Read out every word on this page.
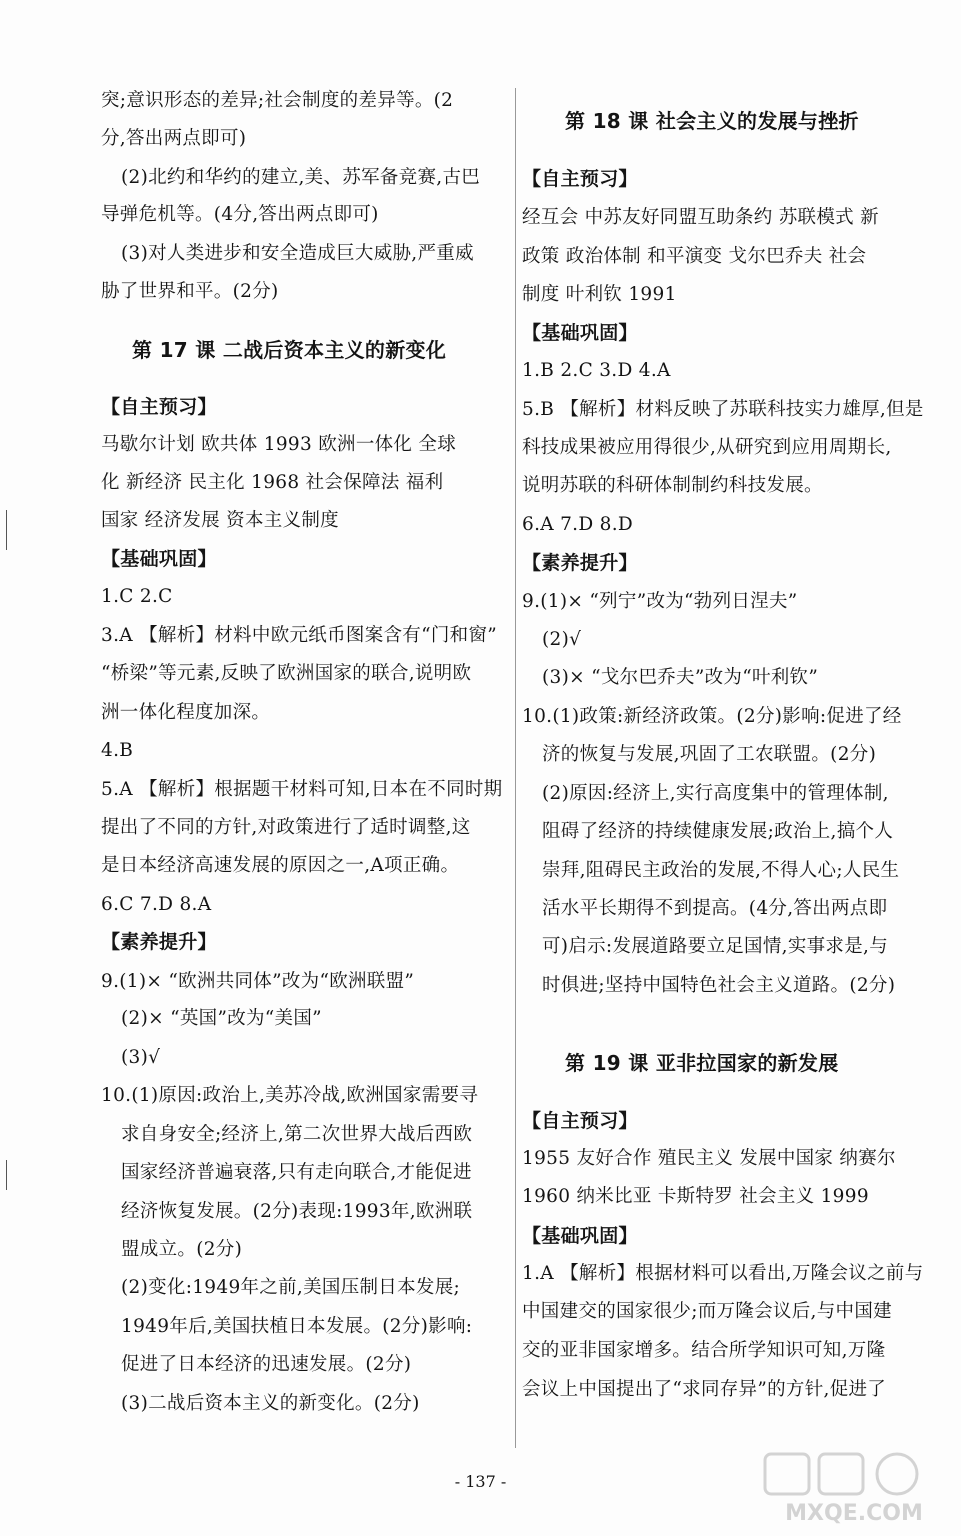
突;意识形态的差异;社会制度的差异等。(2
分,答出两点即可)
(2)北约和华约的建立,美、苏军备竞赛,古巴
导弹危机等。(4分,答出两点即可)
(3)对人类进步和安全造成巨大威胁,严重威
胁了世界和平。(2分)
第 17 课 二战后资本主义的新变化
【自主预习】
马歇尔计划 欧共体 1993 欧洲一体化 全球
化 新经济 民主化 1968 社会保障法 福利
国家 经济发展 资本主义制度
【基础巩固】
1.C 2.C
3.A 【解析】材料中欧元纸币图案含有“门和窗”
“桥梁”等元素,反映了欧洲国家的联合,说明欧
洲一体化程度加深。
4.B
5.A 【解析】根据题干材料可知,日本在不同时期
提出了不同的方针,对政策进行了适时调整,这
是日本经济高速发展的原因之一,A项正确。
6.C 7.D 8.A
【素养提升】
9.(1)× “欧洲共同体”改为“欧洲联盟”
(2)× “英国”改为“美国”
(3)√
10.(1)原因:政治上,美苏冷战,欧洲国家需要寻
求自身安全;经济上,第二次世界大战后西欧
国家经济普遍衰落,只有走向联合,才能促进
经济恢复发展。(2分)表现:1993年,欧洲联
盟成立。(2分)
(2)变化:1949年之前,美国压制日本发展;
1949年后,美国扶植日本发展。(2分)影响:
促进了日本经济的迅速发展。(2分)
(3)二战后资本主义的新变化。(2分)
第 18 课 社会主义的发展与挫折
【自主预习】
经互会 中苏友好同盟互助条约 苏联模式 新
政策 政治体制 和平演变 戈尔巴乔夫 社会
制度 叶利钦 1991
【基础巩固】
1.B 2.C 3.D 4.A
5.B 【解析】材料反映了苏联科技实力雄厚,但是
科技成果被应用得很少,从研究到应用周期长,
说明苏联的科研体制制约科技发展。
6.A 7.D 8.D
【素养提升】
9.(1)× “列宁”改为“勃列日涅夫”
(2)√
(3)× “戈尔巴乔夫”改为“叶利钦”
10.(1)政策:新经济政策。(2分)影响:促进了经
济的恢复与发展,巩固了工农联盟。(2分)
(2)原因:经济上,实行高度集中的管理体制,
阻碍了经济的持续健康发展;政治上,搞个人
崇拜,阻碍民主政治的发展,不得人心;人民生
活水平长期得不到提高。(4分,答出两点即
可)启示:发展道路要立足国情,实事求是,与
时俱进;坚持中国特色社会主义道路。(2分)
第 19 课 亚非拉国家的新发展
【自主预习】
1955 友好合作 殖民主义 发展中国家 纳赛尔
1960 纳米比亚 卡斯特罗 社会主义 1999
【基础巩固】
1.A 【解析】根据材料可以看出,万隆会议之前与
中国建交的国家很少;而万隆会议后,与中国建
交的亚非国家增多。结合所学知识可知,万隆
会议上中国提出了“求同存异”的方针,促进了
- 137 -
MXQE.COM
